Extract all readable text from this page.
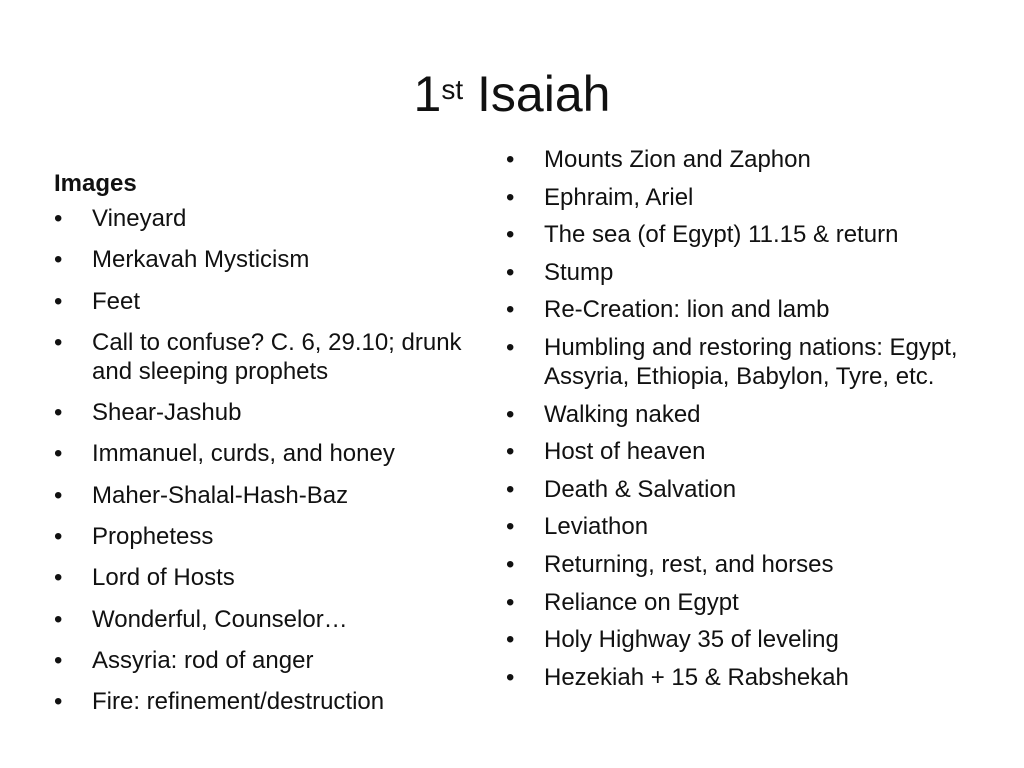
1st Isaiah
Images
•	Vineyard
•	Merkavah Mysticism
•	Feet
•	Call to confuse? C. 6, 29.10; drunk and sleeping prophets
•	Shear-Jashub
•	Immanuel, curds, and honey
•	Maher-Shalal-Hash-Baz
•	Prophetess
•	Lord of Hosts
•	Wonderful, Counselor…
•	Assyria: rod of anger
•	Fire: refinement/destruction
•	Mounts Zion and Zaphon
•	Ephraim, Ariel
•	The sea (of Egypt) 11.15 & return
•	Stump
•	Re-Creation: lion and lamb
•	Humbling and restoring nations: Egypt, Assyria, Ethiopia, Babylon, Tyre, etc.
•	Walking naked
•	Host of heaven
•	Death & Salvation
•	Leviathon
•	Returning, rest, and horses
•	Reliance on Egypt
•	Holy Highway 35 of leveling
•	Hezekiah + 15 & Rabshekah
